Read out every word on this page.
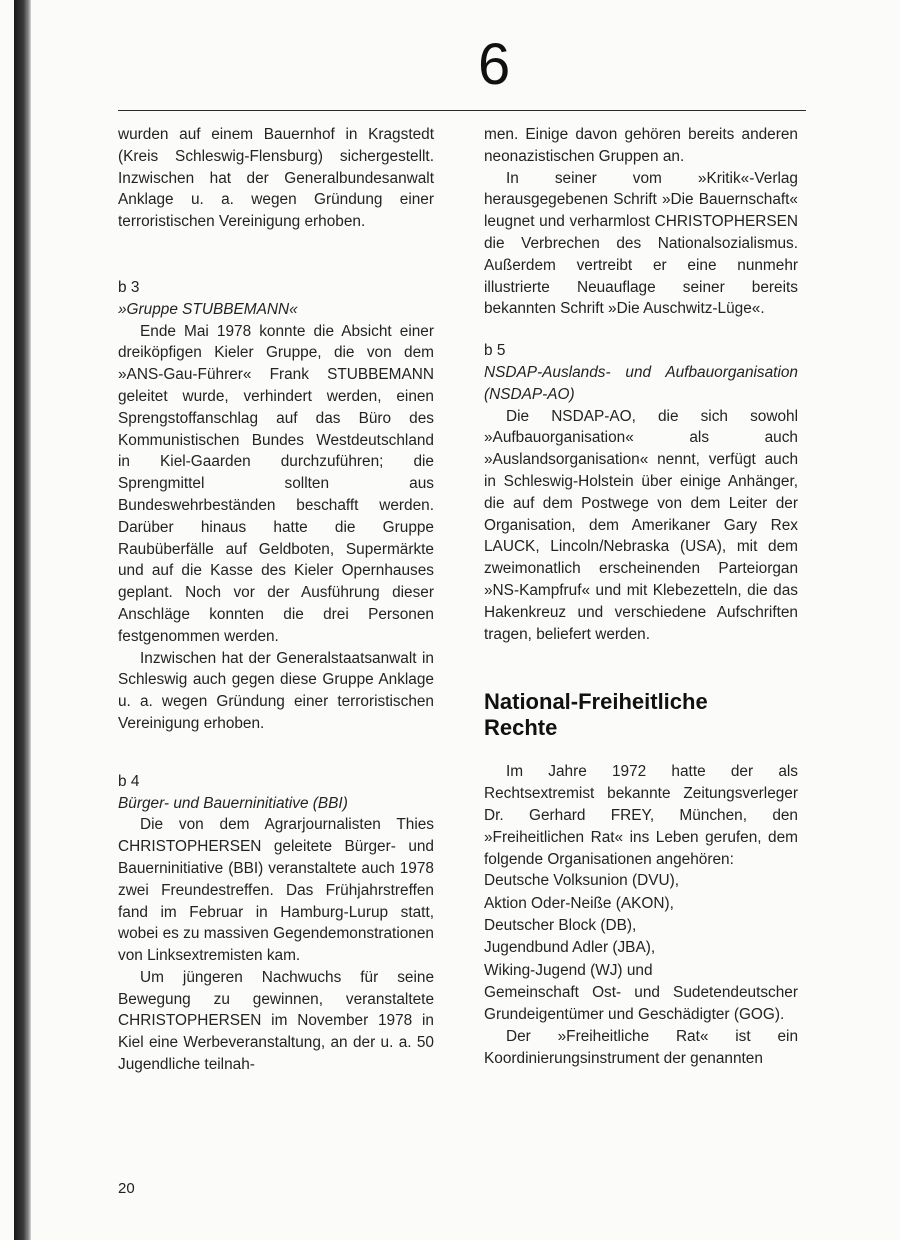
6

wurden auf einem Bauernhof in Kragstedt (Kreis Schleswig-Flensburg) sichergestellt. Inzwischen hat der Generalbundesanwalt Anklage u. a. wegen Gründung einer terroristischen Vereinigung erhoben.

b 3

»Gruppe STUBBEMANN«

Ende Mai 1978 konnte die Absicht einer dreiköpfigen Kieler Gruppe, die von dem »ANS-Gau-Führer« Frank STUBBEMANN geleitet wurde, verhindert werden, einen Sprengstoffanschlag auf das Büro des Kommunistischen Bundes Westdeutschland in Kiel-Gaarden durchzuführen; die Sprengmittel sollten aus Bundeswehrbeständen beschafft werden. Darüber hinaus hatte die Gruppe Raubüberfälle auf Geldboten, Supermärkte und auf die Kasse des Kieler Opernhauses geplant. Noch vor der Ausführung dieser Anschläge konnten die drei Personen festgenommen werden.

Inzwischen hat der Generalstaatsanwalt in Schleswig auch gegen diese Gruppe Anklage u. a. wegen Gründung einer terroristischen Vereinigung erhoben.

b 4

Bürger- und Bauerninitiative (BBI)

Die von dem Agrarjournalisten Thies CHRISTOPHERSEN geleitete Bürger- und Bauerninitiative (BBI) veranstaltete auch 1978 zwei Freundestreffen. Das Frühjahrstreffen fand im Februar in Hamburg-Lurup statt, wobei es zu massiven Gegendemonstrationen von Linksextremisten kam.

Um jüngeren Nachwuchs für seine Bewegung zu gewinnen, veranstaltete CHRISTOPHERSEN im November 1978 in Kiel eine Werbeveranstaltung, an der u. a. 50 Jugendliche teilnah-

men. Einige davon gehören bereits anderen neonazistischen Gruppen an.

In seiner vom »Kritik«-Verlag herausgegebenen Schrift »Die Bauernschaft« leugnet und verharmlost CHRISTOPHERSEN die Verbrechen des Nationalsozialismus. Außerdem vertreibt er eine nunmehr illustrierte Neuauflage seiner bereits bekannten Schrift »Die Auschwitz-Lüge«.

b 5

NSDAP-Auslands- und Aufbauorganisation (NSDAP-AO)

Die NSDAP-AO, die sich sowohl »Aufbauorganisation« als auch »Auslandsorganisation« nennt, verfügt auch in Schleswig-Holstein über einige Anhänger, die auf dem Postwege von dem Leiter der Organisation, dem Amerikaner Gary Rex LAUCK, Lincoln/Nebraska (USA), mit dem zweimonatlich erscheinenden Parteiorgan »NS-Kampfruf« und mit Klebezetteln, die das Hakenkreuz und verschiedene Aufschriften tragen, beliefert werden.

National-Freiheitliche
Rechte

Im Jahre 1972 hatte der als Rechtsextremist bekannte Zeitungsverleger Dr. Gerhard FREY, München, den »Freiheitlichen Rat« ins Leben gerufen, dem folgende Organisationen angehören:

Deutsche Volksunion (DVU),

Aktion Oder-Neiße (AKON),

Deutscher Block (DB),

Jugendbund Adler (JBA),

Wiking-Jugend (WJ) und

Gemeinschaft Ost- und Sudetendeutscher Grundeigentümer und Geschädigter (GOG).

Der »Freiheitliche Rat« ist ein Koordinierungsinstrument der genannten

20
